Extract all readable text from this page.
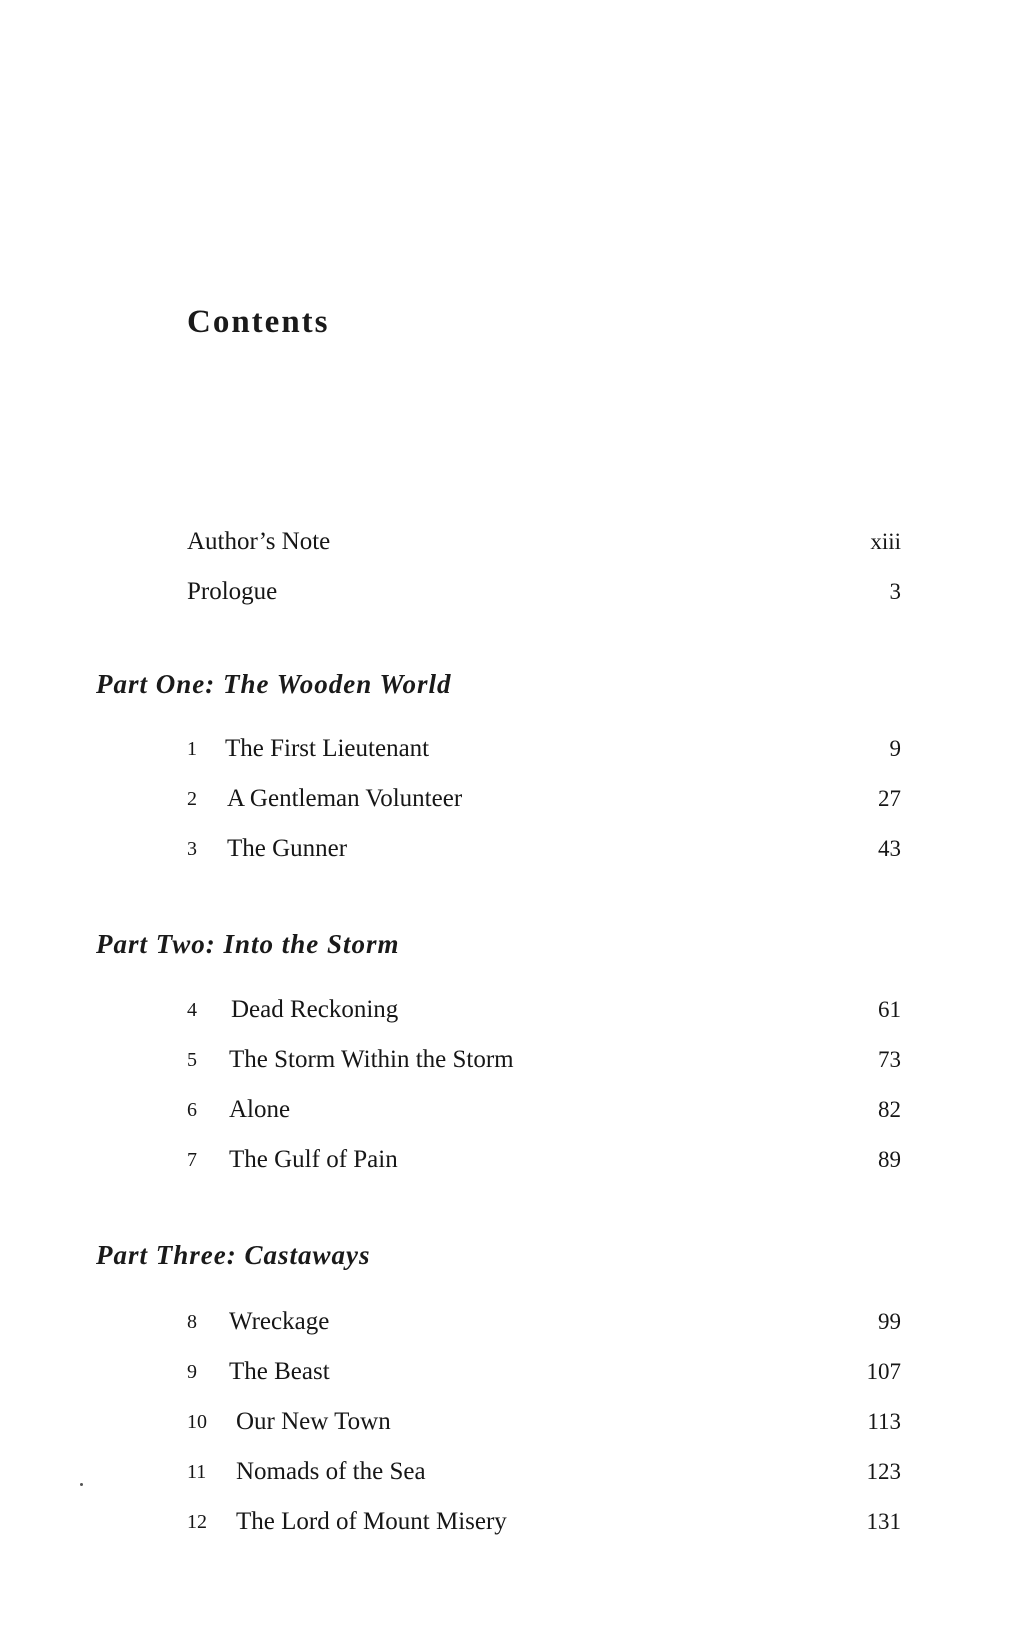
Contents
Author’s Note	xiii
Prologue	3
Part One: The Wooden World
1 The First Lieutenant	9
2 A Gentleman Volunteer	27
3 The Gunner	43
Part Two: Into the Storm
4 Dead Reckoning	61
5 The Storm Within the Storm	73
6 Alone	82
7 The Gulf of Pain	89
Part Three: Castaways
8 Wreckage	99
9 The Beast	107
10 Our New Town	113
11 Nomads of the Sea	123
12 The Lord of Mount Misery	131
